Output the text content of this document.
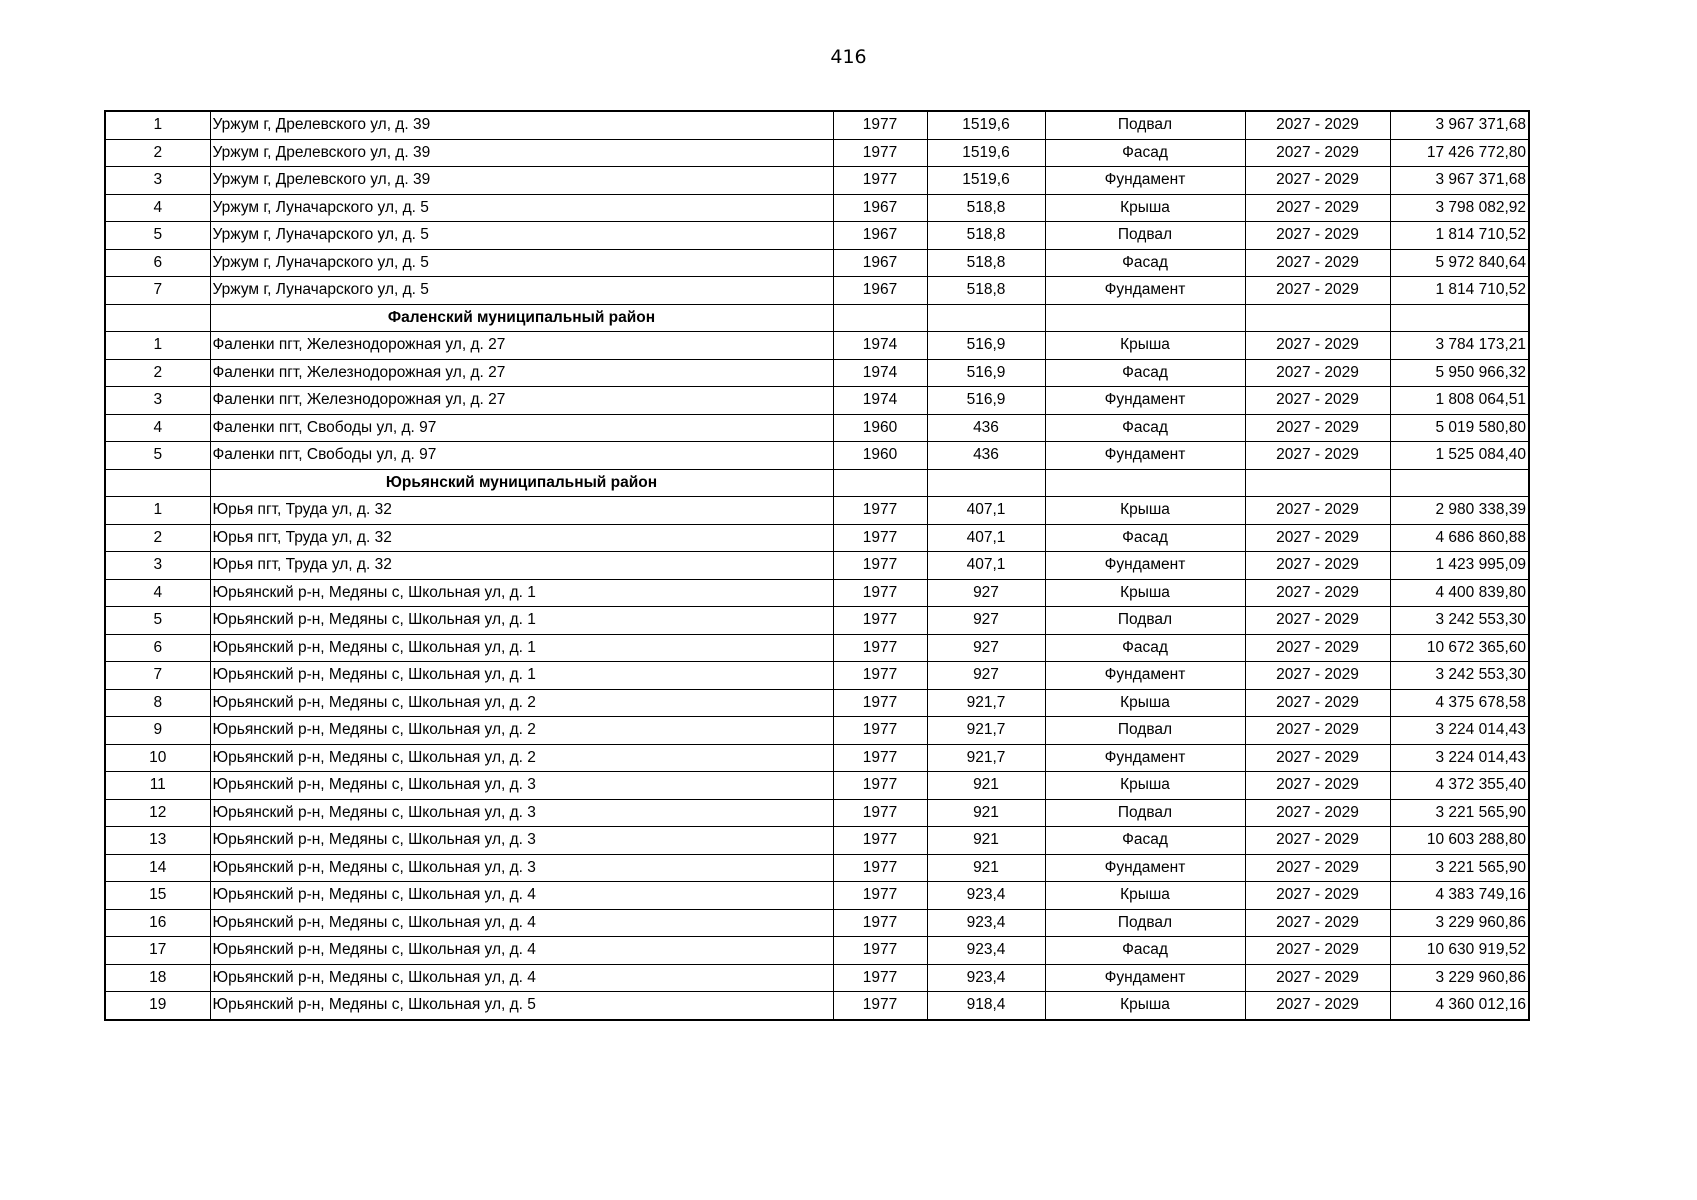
416
1	Уржум г, Дрелевского ул, д. 39	1977	1519,6	Подвал	2027 - 2029	3 967 371,68
2	Уржум г, Дрелевского ул, д. 39	1977	1519,6	Фасад	2027 - 2029	17 426 772,80
3	Уржум г, Дрелевского ул, д. 39	1977	1519,6	Фундамент	2027 - 2029	3 967 371,68
4	Уржум г, Луначарского ул, д. 5	1967	518,8	Крыша	2027 - 2029	3 798 082,92
5	Уржум г, Луначарского ул, д. 5	1967	518,8	Подвал	2027 - 2029	1 814 710,52
6	Уржум г, Луначарского ул, д. 5	1967	518,8	Фасад	2027 - 2029	5 972 840,64
7	Уржум г, Луначарского ул, д. 5	1967	518,8	Фундамент	2027 - 2029	1 814 710,52
	Фаленский муниципальный район					
1	Фаленки пгт, Железнодорожная ул, д. 27	1974	516,9	Крыша	2027 - 2029	3 784 173,21
2	Фаленки пгт, Железнодорожная ул, д. 27	1974	516,9	Фасад	2027 - 2029	5 950 966,32
3	Фаленки пгт, Железнодорожная ул, д. 27	1974	516,9	Фундамент	2027 - 2029	1 808 064,51
4	Фаленки пгт, Свободы ул, д. 97	1960	436	Фасад	2027 - 2029	5 019 580,80
5	Фаленки пгт, Свободы ул, д. 97	1960	436	Фундамент	2027 - 2029	1 525 084,40
	Юрьянский муниципальный район					
1	Юрья пгт, Труда ул, д. 32	1977	407,1	Крыша	2027 - 2029	2 980 338,39
2	Юрья пгт, Труда ул, д. 32	1977	407,1	Фасад	2027 - 2029	4 686 860,88
3	Юрья пгт, Труда ул, д. 32	1977	407,1	Фундамент	2027 - 2029	1 423 995,09
4	Юрьянский р-н, Медяны с, Школьная ул, д. 1	1977	927	Крыша	2027 - 2029	4 400 839,80
5	Юрьянский р-н, Медяны с, Школьная ул, д. 1	1977	927	Подвал	2027 - 2029	3 242 553,30
6	Юрьянский р-н, Медяны с, Школьная ул, д. 1	1977	927	Фасад	2027 - 2029	10 672 365,60
7	Юрьянский р-н, Медяны с, Школьная ул, д. 1	1977	927	Фундамент	2027 - 2029	3 242 553,30
8	Юрьянский р-н, Медяны с, Школьная ул, д. 2	1977	921,7	Крыша	2027 - 2029	4 375 678,58
9	Юрьянский р-н, Медяны с, Школьная ул, д. 2	1977	921,7	Подвал	2027 - 2029	3 224 014,43
10	Юрьянский р-н, Медяны с, Школьная ул, д. 2	1977	921,7	Фундамент	2027 - 2029	3 224 014,43
11	Юрьянский р-н, Медяны с, Школьная ул, д. 3	1977	921	Крыша	2027 - 2029	4 372 355,40
12	Юрьянский р-н, Медяны с, Школьная ул, д. 3	1977	921	Подвал	2027 - 2029	3 221 565,90
13	Юрьянский р-н, Медяны с, Школьная ул, д. 3	1977	921	Фасад	2027 - 2029	10 603 288,80
14	Юрьянский р-н, Медяны с, Школьная ул, д. 3	1977	921	Фундамент	2027 - 2029	3 221 565,90
15	Юрьянский р-н, Медяны с, Школьная ул, д. 4	1977	923,4	Крыша	2027 - 2029	4 383 749,16
16	Юрьянский р-н, Медяны с, Школьная ул, д. 4	1977	923,4	Подвал	2027 - 2029	3 229 960,86
17	Юрьянский р-н, Медяны с, Школьная ул, д. 4	1977	923,4	Фасад	2027 - 2029	10 630 919,52
18	Юрьянский р-н, Медяны с, Школьная ул, д. 4	1977	923,4	Фундамент	2027 - 2029	3 229 960,86
19	Юрьянский р-н, Медяны с, Школьная ул, д. 5	1977	918,4	Крыша	2027 - 2029	4 360 012,16
